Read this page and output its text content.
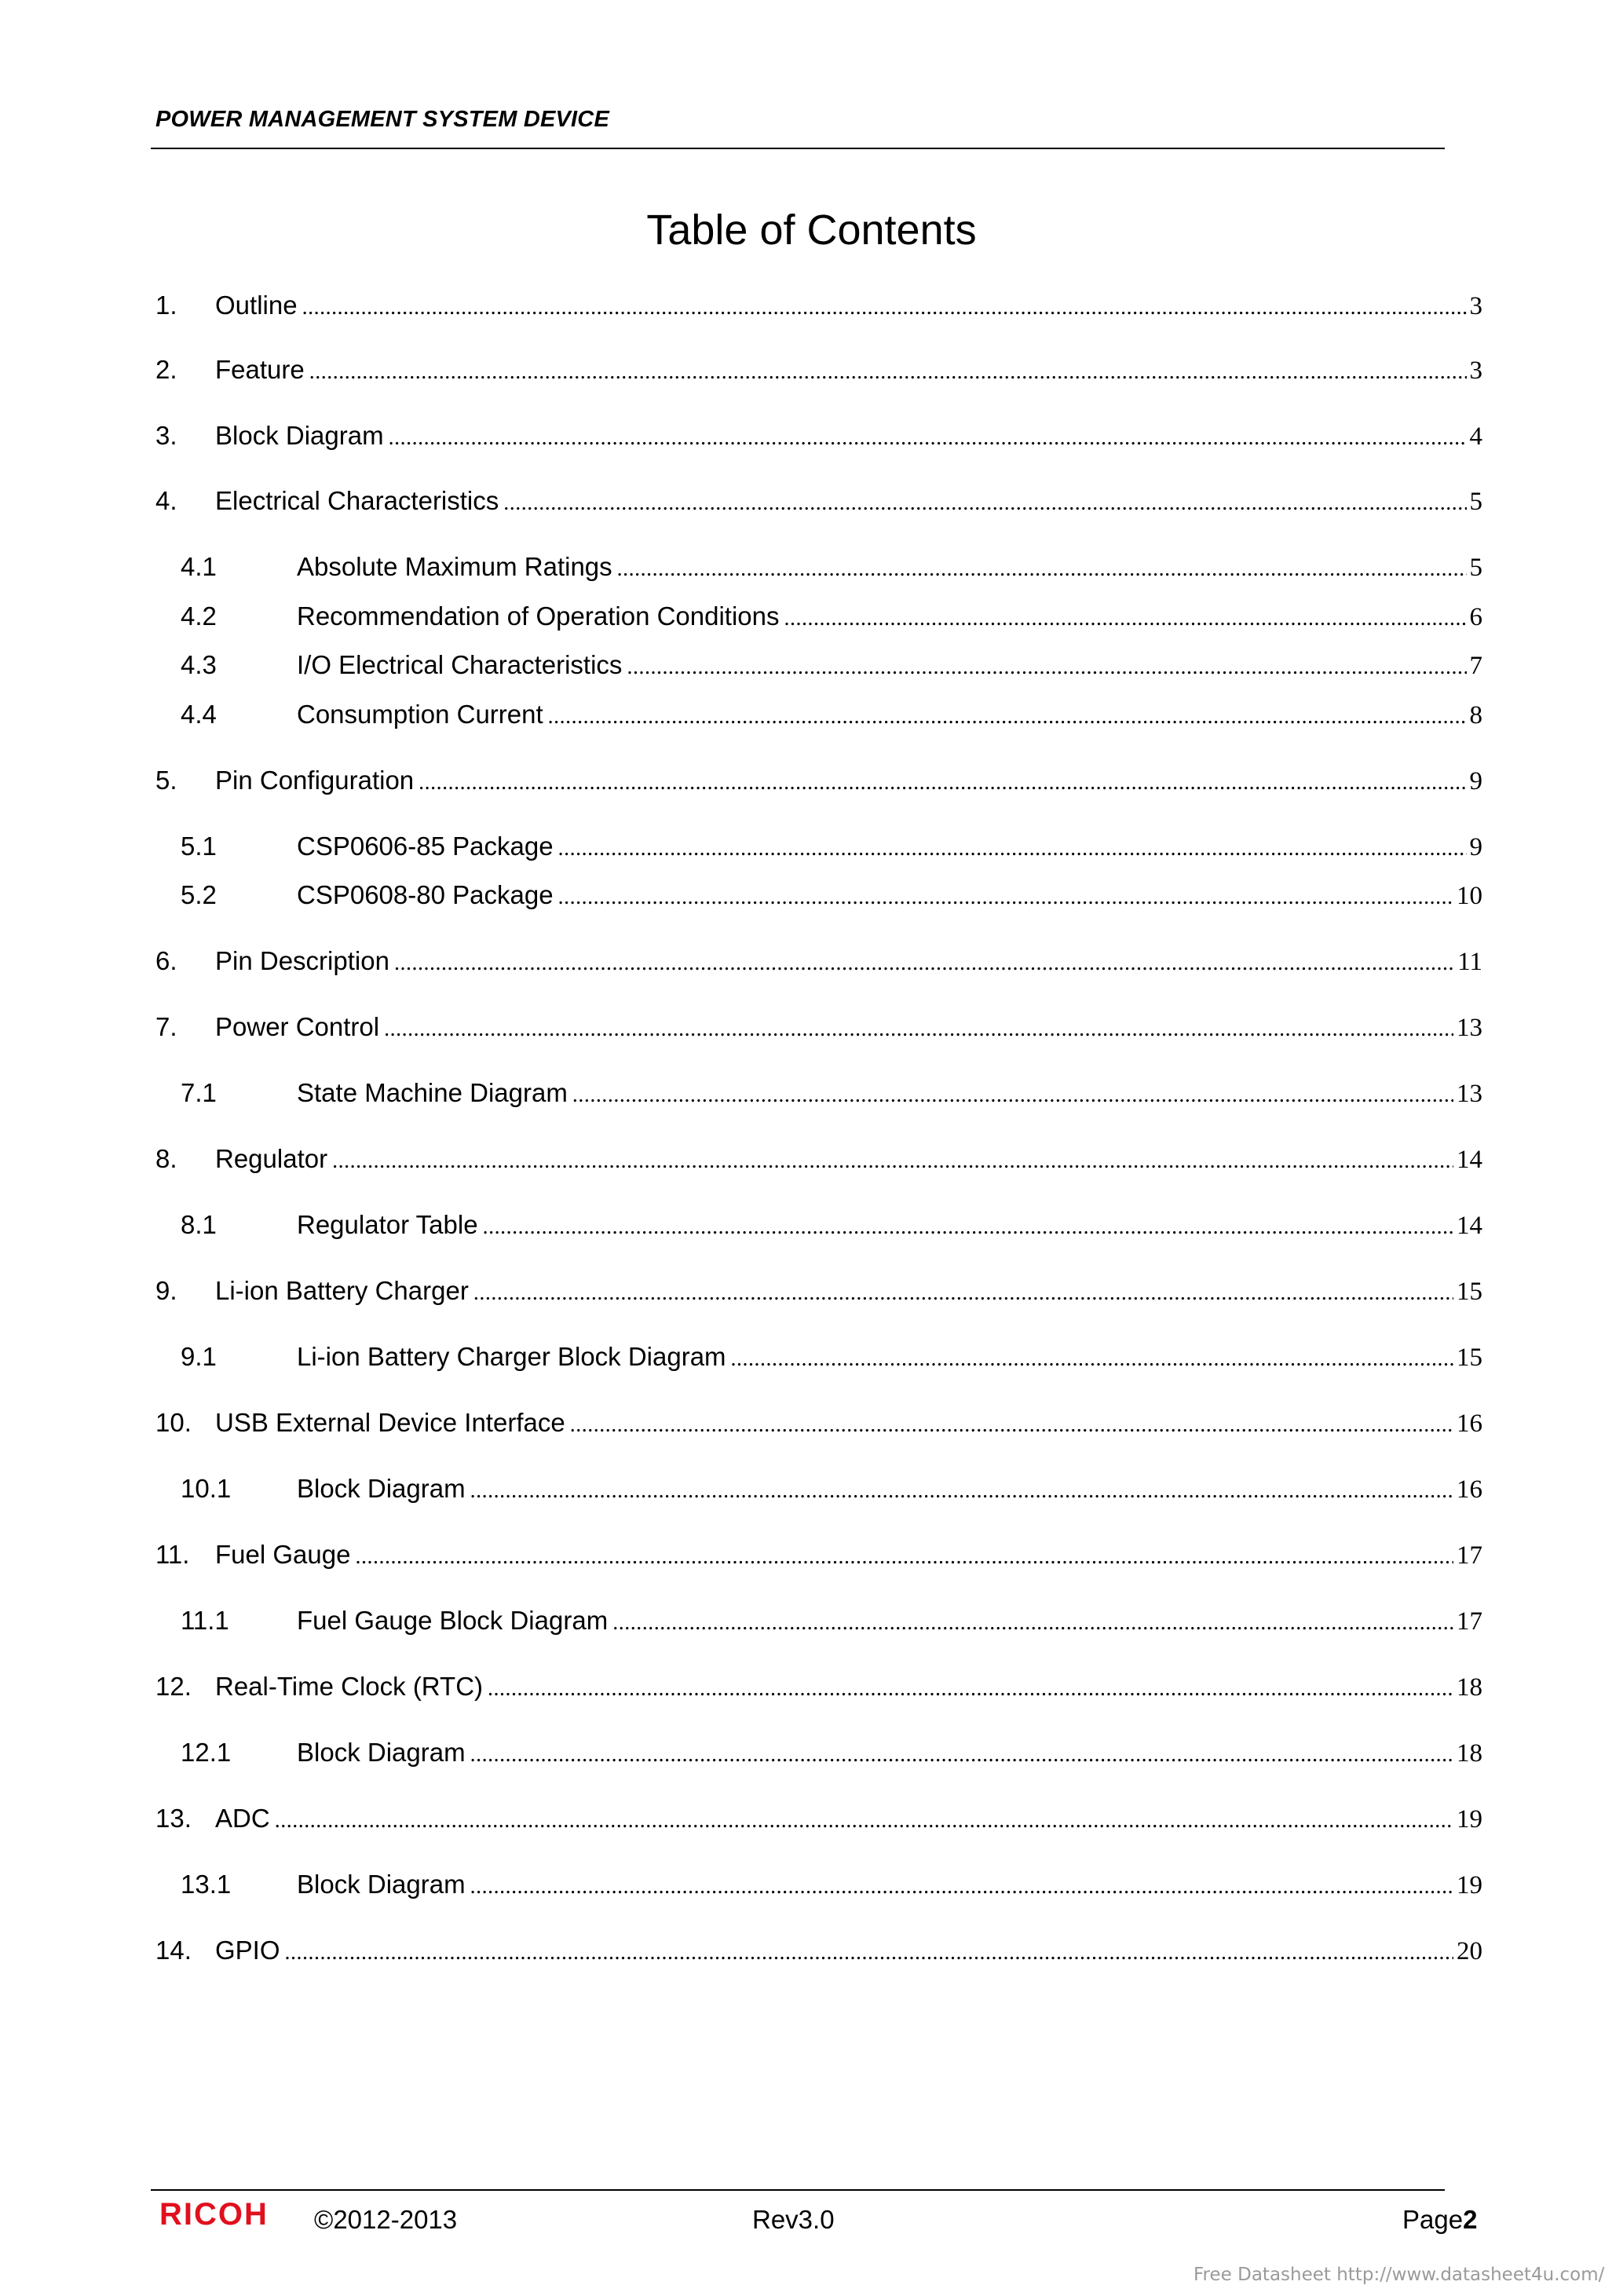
POWER MANAGEMENT SYSTEM DEVICE
Table of Contents
1.	Outline .....	3
2.	Feature .....	3
3.	Block Diagram .....	4
4.	Electrical Characteristics .....	5
4.1	Absolute Maximum Ratings .....	5
4.2	Recommendation of Operation Conditions .....	6
4.3	I/O Electrical Characteristics .....	7
4.4	Consumption Current .....	8
5.	Pin Configuration .....	9
5.1	CSP0606-85 Package .....	9
5.2	CSP0608-80 Package .....	10
6.	Pin Description .....	11
7.	Power Control .....	13
7.1	State Machine Diagram .....	13
8.	Regulator .....	14
8.1	Regulator Table .....	14
9.	Li-ion Battery Charger .....	15
9.1	Li-ion Battery Charger Block Diagram .....	15
10. USB External Device Interface .....	16
10.1	Block Diagram .....	16
11. Fuel Gauge .....	17
11.1	Fuel Gauge Block Diagram .....	17
12. Real-Time Clock (RTC) .....	18
12.1	Block Diagram .....	18
13. ADC .....	19
13.1	Block Diagram .....	19
14. GPIO .....	20
RICOH ©2012-2013	Rev3.0	Page2
Free Datasheet http://www.datasheet4u.com/
